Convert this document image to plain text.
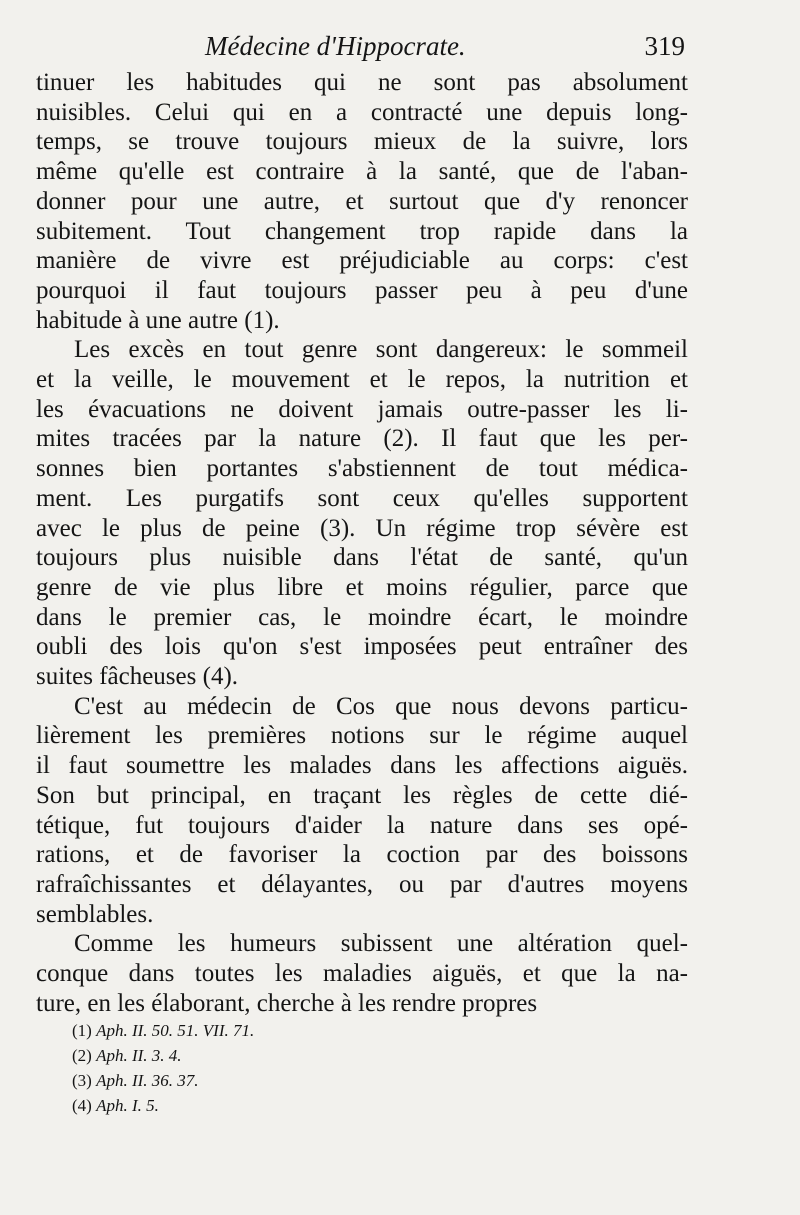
Médecine d'Hippocrate.	319

tinuer les habitudes qui ne sont pas absolument
nuisibles. Celui qui en a contracté une depuis long-
temps, se trouve toujours mieux de la suivre, lors
même qu'elle est contraire à la santé, que de l'aban-
donner pour une autre, et surtout que d'y renoncer
subitement. Tout changement trop rapide dans la
manière de vivre est préjudiciable au corps: c'est
pourquoi il faut toujours passer peu à peu d'une
habitude à une autre (1).

Les excès en tout genre sont dangereux: le sommeil
et la veille, le mouvement et le repos, la nutrition et
les évacuations ne doivent jamais outre-passer les li-
mites tracées par la nature (2). Il faut que les per-
sonnes bien portantes s'abstiennent de tout médica-
ment. Les purgatifs sont ceux qu'elles supportent
avec le plus de peine (3). Un régime trop sévère est
toujours plus nuisible dans l'état de santé, qu'un
genre de vie plus libre et moins régulier, parce que
dans le premier cas, le moindre écart, le moindre
oubli des lois qu'on s'est imposées peut entraîner des
suites fâcheuses (4).

C'est au médecin de Cos que nous devons particu-
lièrement les premières notions sur le régime auquel
il faut soumettre les malades dans les affections aiguës.
Son but principal, en traçant les règles de cette dié-
tétique, fut toujours d'aider la nature dans ses opé-
rations, et de favoriser la coction par des boissons
rafraîchissantes et délayantes, ou par d'autres moyens
semblables.

Comme les humeurs subissent une altération quel-
conque dans toutes les maladies aiguës, et que la na-
ture, en les élaborant, cherche à les rendre propres

(1) Aph. II. 50. 51. VII. 71.
(2) Aph. II. 3. 4.
(3) Aph. II. 36. 37.
(4) Aph. I. 5.
